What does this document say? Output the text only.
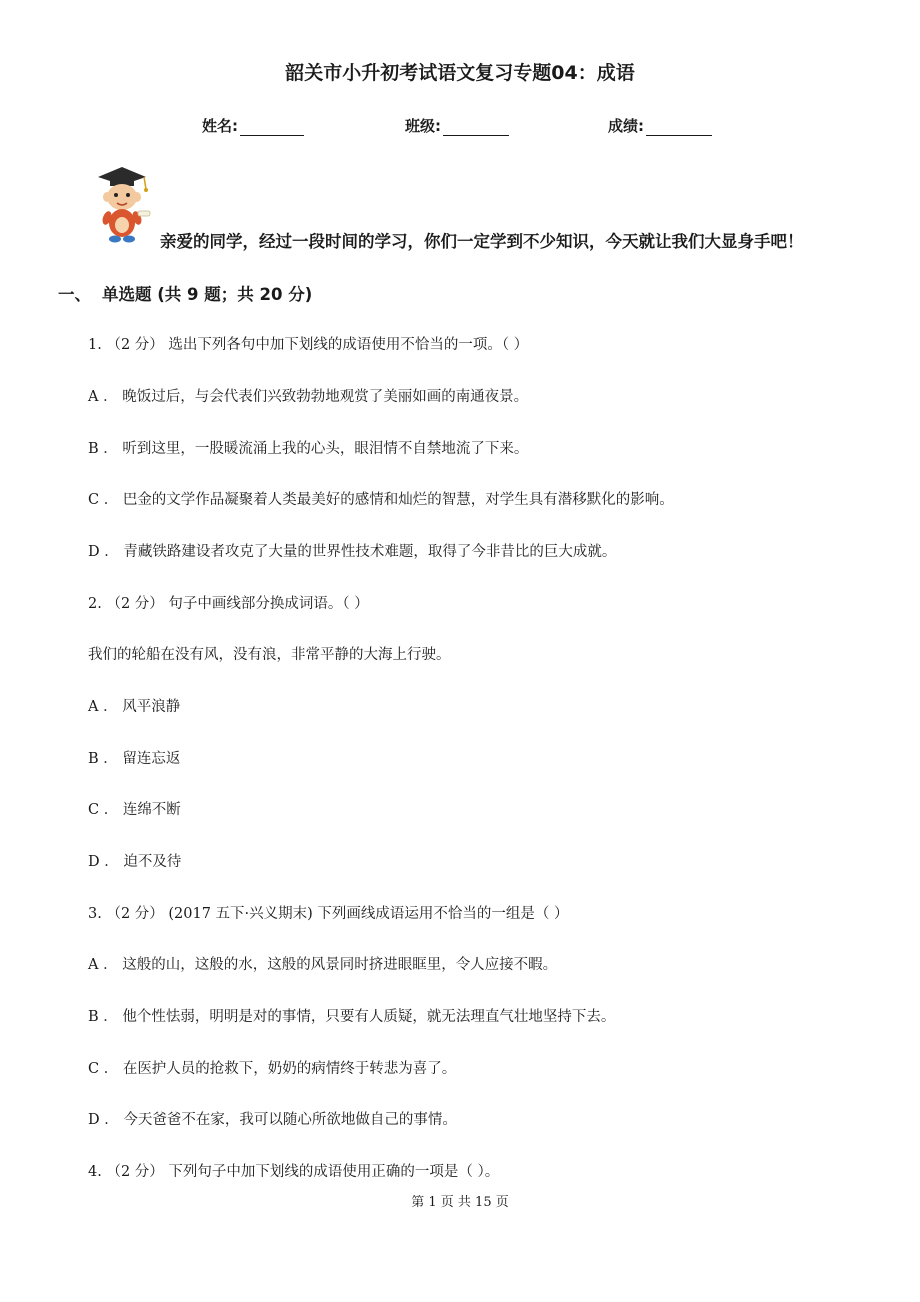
韶关市小升初考试语文复习专题04：成语
姓名:	班级:	成绩:
亲爱的同学，经过一段时间的学习，你们一定学到不少知识，今天就让我们大显身手吧！
一、 单选题 (共 9 题；共 20 分)
1. （2 分） 选出下列各句中加下划线的成语使用不恰当的一项。（ ）
A ． 晚饭过后，与会代表们兴致勃勃地观赏了美丽如画的南通夜景。
B ． 听到这里，一股暖流涌上我的心头，眼泪情不自禁地流了下来。
C ． 巴金的文学作品凝聚着人类最美好的感情和灿烂的智慧，对学生具有潜移默化的影响。
D ． 青藏铁路建设者攻克了大量的世界性技术难题，取得了今非昔比的巨大成就。
2. （2 分） 句子中画线部分换成词语。（ ）
我们的轮船在没有风，没有浪，非常平静的大海上行驶。
A ． 风平浪静
B ． 留连忘返
C ． 连绵不断
D ． 迫不及待
3. （2 分） (2017 五下·兴义期末) 下列画线成语运用不恰当的一组是（ ）
A ． 这般的山，这般的水，这般的风景同时挤进眼眶里，令人应接不暇。
B ． 他个性怯弱，明明是对的事情，只要有人质疑，就无法理直气壮地坚持下去。
C ． 在医护人员的抢救下，奶奶的病情终于转悲为喜了。
D ． 今天爸爸不在家，我可以随心所欲地做自己的事情。
4. （2 分） 下列句子中加下划线的成语使用正确的一项是（ ）。
第 1 页 共 15 页
